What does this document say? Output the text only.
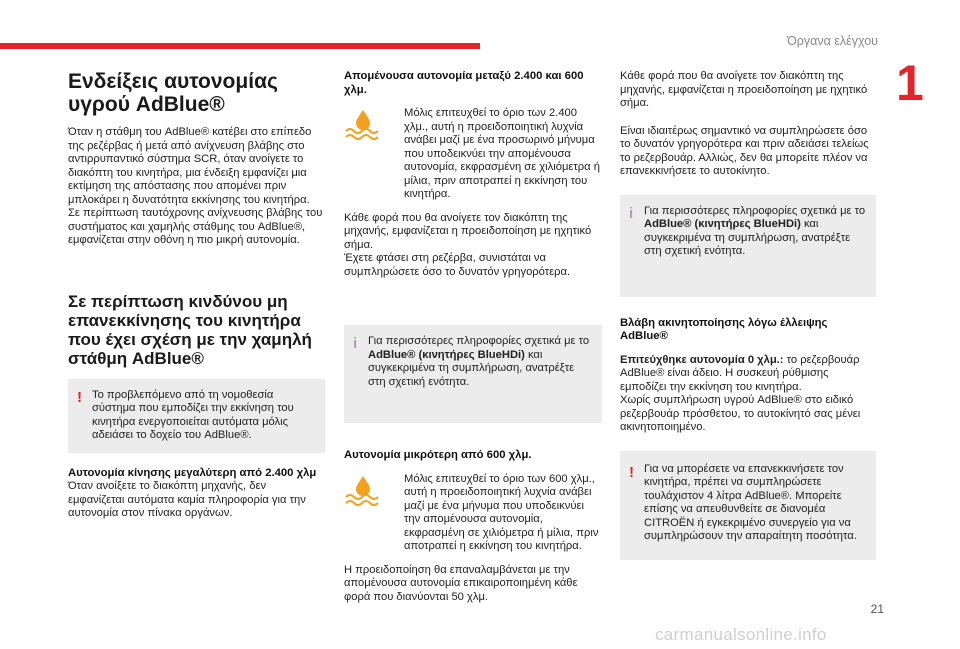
Όργανα ελέγχου
1
21
carmanualsonline.info
Ενδείξεις αυτονομίας υγρού AdBlue®

Όταν η στάθμη του AdBlue® κατέβει στο επίπεδο της ρεζέρβας ή μετά από ανίχνευση βλάβης στο αντιρρυπαντικό σύστημα SCR, όταν ανοίγετε το διακόπτη του κινητήρα, μια ένδειξη εμφανίζει μια εκτίμηση της απόστασης που απομένει πριν μπλοκάρει η δυνατότητα εκκίνησης του κινητήρα.

Σε περίπτωση ταυτόχρονης ανίχνευσης βλάβης του συστήματος και χαμηλής στάθμης του AdBlue®, εμφανίζεται στην οθόνη η πιο μικρή αυτονομία.

Σε περίπτωση κινδύνου μη επανεκκίνησης του κινητήρα που έχει σχέση με την χαμηλή στάθμη AdBlue®
! Το προβλεπόμενο από τη νομοθεσία σύστημα που εμποδίζει την εκκίνηση του κινητήρα ενεργοποιείται αυτόματα μόλις αδειάσει το δοχείο του AdBlue®.
Αυτονομία κίνησης μεγαλύτερη από 2.400 χλμ

Όταν ανοίξετε το διακόπτη μηχανής, δεν εμφανίζεται αυτόματα καμία πληροφορία για την αυτονομία στον πίνακα οργάνων.

Απομένουσα αυτονομία μεταξύ 2.400 και 600 χλμ.
Μόλις επιτευχθεί το όριο των 2.400 χλμ., αυτή η προειδοποιητική λυχνία ανάβει μαζί με ένα προσωρινό μήνυμα που υποδεικνύει την απομένουσα αυτονομία, εκφρασμένη σε χιλιόμετρα ή μίλια, πριν αποτραπεί η εκκίνηση του κινητήρα.

Κάθε φορά που θα ανοίγετε τον διακόπτη της μηχανής, εμφανίζεται η προειδοποίηση με ηχητικό σήμα.

Έχετε φτάσει στη ρεζέρβα, συνιστάται να συμπληρώσετε όσο το δυνατόν γρηγορότερα.

i Για περισσότερες πληροφορίες σχετικά με το AdBlue® (κινητήρες BlueHDi) και συγκεκριμένα τη συμπλήρωση, ανατρέξτε στη σχετική ενότητα.
Αυτονομία μικρότερη από 600 χλμ.
Μόλις επιτευχθεί το όριο των 600 χλμ., αυτή η προειδοποιητική λυχνία ανάβει μαζί με ένα μήνυμα που υποδεικνύει την απομένουσα αυτονομία, εκφρασμένη σε χιλιόμετρα ή μίλια, πριν αποτραπεί η εκκίνηση του κινητήρα.

Η προειδοποίηση θα επαναλαμβάνεται με την απομένουσα αυτονομία επικαιροποιημένη κάθε φορά που διανύονται 50 χλμ.

Κάθε φορά που θα ανοίγετε τον διακόπτη της μηχανής, εμφανίζεται η προειδοποίηση με ηχητικό σήμα.

Είναι ιδιαιτέρως σημαντικό να συμπληρώσετε όσο το δυνατόν γρηγορότερα και πριν αδειάσει τελείως το ρεζερβουάρ. Αλλιώς, δεν θα μπορείτε πλέον να επανεκκινήσετε το αυτοκίνητο.

i Για περισσότερες πληροφορίες σχετικά με το AdBlue® (κινητήρες BlueHDi) και συγκεκριμένα τη συμπλήρωση, ανατρέξτε στη σχετική ενότητα.
Βλάβη ακινητοποίησης λόγω έλλειψης AdBlue®

Επιτεύχθηκε αυτονομία 0 χλμ.: το ρεζερβουάρ AdBlue® είναι άδειο. Η συσκευή ρύθμισης εμποδίζει την εκκίνηση του κινητήρα.

Χωρίς συμπλήρωση υγρού AdBlue® στο ειδικό ρεζερβουάρ πρόσθετου, το αυτοκίνητό σας μένει ακινητοποιημένο.

! Για να μπορέσετε να επανεκκινήσετε τον κινητήρα, πρέπει να συμπληρώσετε τουλάχιστον 4 λίτρα AdBlue®. Μπορείτε επίσης να απευθυνθείτε σε διανομέα CITROËN ή εγκεκριμένο συνεργείο για να συμπληρώσουν την απαραίτητη ποσότητα.
